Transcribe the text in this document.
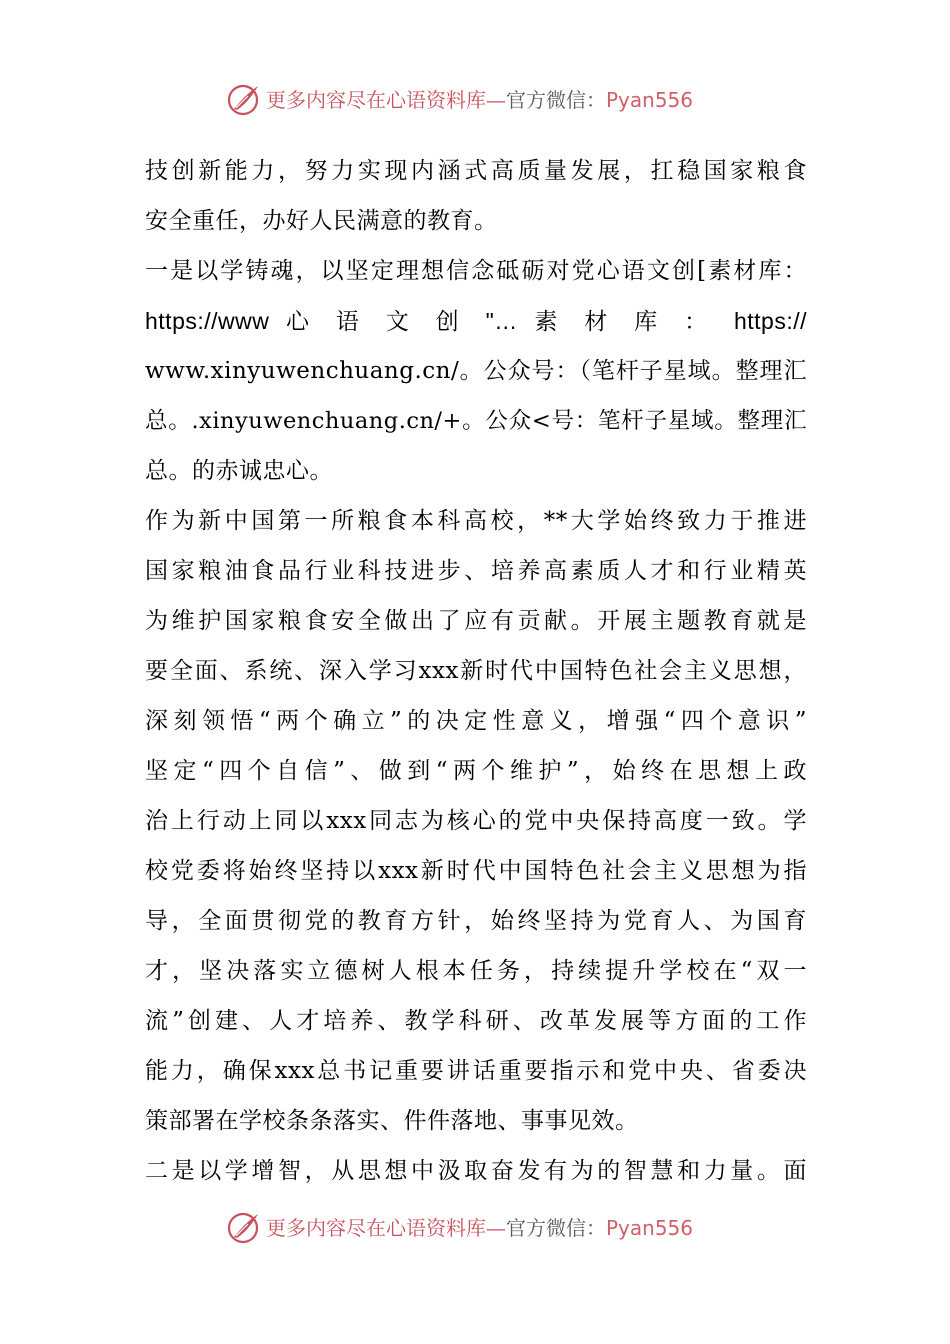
更多内容尽在心语资料库—官方微信：Pyan556
技创新能力，努力实现内涵式高质量发展，扛稳国家粮食
安全重任，办好人民满意的教育。
一是以学铸魂，以坚定理想信念砥砺对党心语文创[素材库：
https://www 心 语 文 创 "… 素 材 库 ： https://
www.xinyuwenchuang.cn/。公众号：（笔杆子星域。整理汇
总。.xinyuwenchuang.cn/+。公众<号：笔杆子星域。整理汇
总。的赤诚忠心。
作为新中国第一所粮食本科高校，**大学始终致力于推进
国家粮油食品行业科技进步、培养高素质人才和行业精英
为维护国家粮食安全做出了应有贡献。开展主题教育就是
要全面、系统、深入学习xxx新时代中国特色社会主义思想，
深刻领悟“两个确立”的决定性意义，增强“四个意识”
坚定“四个自信”、做到“两个维护”，始终在思想上政
治上行动上同以xxx同志为核心的党中央保持高度一致。学
校党委将始终坚持以xxx新时代中国特色社会主义思想为指
导，全面贯彻党的教育方针，始终坚持为党育人、为国育
才，坚决落实立德树人根本任务，持续提升学校在“双一
流”创建、人才培养、教学科研、改革发展等方面的工作
能力，确保xxx总书记重要讲话重要指示和党中央、省委决
策部署在学校条条落实、件件落地、事事见效。
二是以学增智，从思想中汲取奋发有为的智慧和力量。面
更多内容尽在心语资料库—官方微信：Pyan556
